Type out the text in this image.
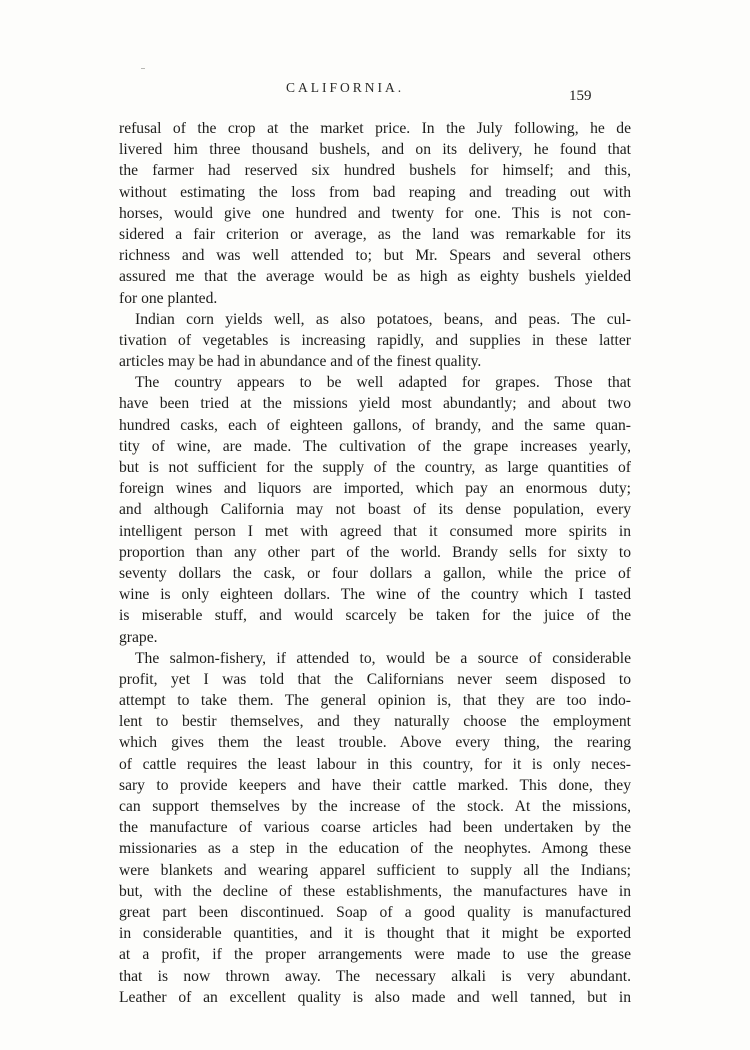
CALIFORNIA.
159
refusal of the crop at the market price. In the July following, he de
livered him three thousand bushels, and on its delivery, he found that
the farmer had reserved six hundred bushels for himself; and this,
without estimating the loss from bad reaping and treading out with
horses, would give one hundred and twenty for one. This is not con-
sidered a fair criterion or average, as the land was remarkable for its
richness and was well attended to; but Mr. Spears and several others
assured me that the average would be as high as eighty bushels yielded
for one planted.
Indian corn yields well, as also potatoes, beans, and peas. The cul-
tivation of vegetables is increasing rapidly, and supplies in these latter
articles may be had in abundance and of the finest quality.
The country appears to be well adapted for grapes. Those that
have been tried at the missions yield most abundantly; and about two
hundred casks, each of eighteen gallons, of brandy, and the same quan-
tity of wine, are made. The cultivation of the grape increases yearly,
but is not sufficient for the supply of the country, as large quantities of
foreign wines and liquors are imported, which pay an enormous duty;
and although California may not boast of its dense population, every
intelligent person I met with agreed that it consumed more spirits in
proportion than any other part of the world. Brandy sells for sixty to
seventy dollars the cask, or four dollars a gallon, while the price of
wine is only eighteen dollars. The wine of the country which I tasted
is miserable stuff, and would scarcely be taken for the juice of the
grape.
The salmon-fishery, if attended to, would be a source of considerable
profit, yet I was told that the Californians never seem disposed to
attempt to take them. The general opinion is, that they are too indo-
lent to bestir themselves, and they naturally choose the employment
which gives them the least trouble. Above every thing, the rearing
of cattle requires the least labour in this country, for it is only neces-
sary to provide keepers and have their cattle marked. This done, they
can support themselves by the increase of the stock. At the missions,
the manufacture of various coarse articles had been undertaken by the
missionaries as a step in the education of the neophytes. Among these
were blankets and wearing apparel sufficient to supply all the Indians;
but, with the decline of these establishments, the manufactures have in
great part been discontinued. Soap of a good quality is manufactured
in considerable quantities, and it is thought that it might be exported
at a profit, if the proper arrangements were made to use the grease
that is now thrown away. The necessary alkali is very abundant.
Leather of an excellent quality is also made and well tanned, but in
